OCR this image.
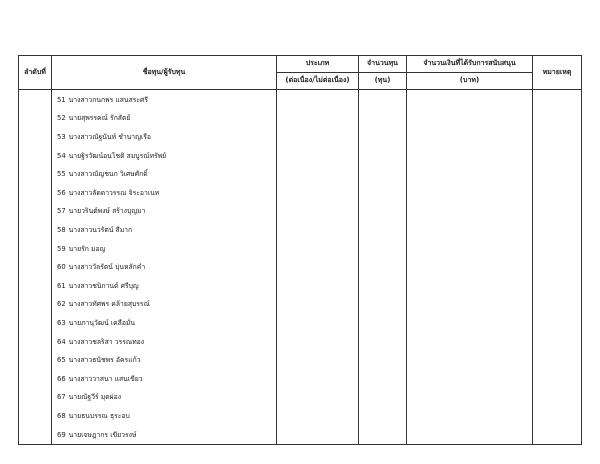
ลำดับที่	ชื่อทุน/ผู้รับทุน	ประเภท	จำนวนทุน	จำนวนเงินที่ได้รับการสนับสนุน	หมายเหตุ
		(ต่อเนื่อง/ไม่ต่อเนื่อง)	(ทุน)	(บาท)	
	51 นางสาวกนกพร แสนสระศรี				
	52 นายสุพรรคณ์ รักสัตย์				
	53 นางสาวณัฐนันท์ ชำนาญเรือ				
	54 นายฐิรวัฒน์อนโชติ สมบูรณ์ทรัพย์				
	55 นางสาวณัญชนก วิเศษศักดิ์				
	56 นางสาวลัดดาวรรณ จิระอาเนท				
	57 นายวรินต์พงษ์ สร้างบุญมา				
	58 นางสาวนวรัตน์ สีมาก				
	59 นายรัก มอญ				
	60 นางสาววัลรัตน์ บุ่นหลักคำ				
	61 นางสาวชนิกานต์ ศรีบุญ				
	62 นางสาวทัศพร คล้ายสุบรรณ์				
	63 นายภานุวัฒน์ เคลือมั่น				
	64 นางสาวชลริสา วรรณทอง				
	65 นางสาวธนัชพร อัครแก้ว				
	66 นางสาววาสนา แสนเขียว				
	67 นายณัฐวีร์ มุดผ่อง				
	68 นายธนบรรณ ธุระอบ				
	69 นายเจษฎากร เขียวรงษ์				
